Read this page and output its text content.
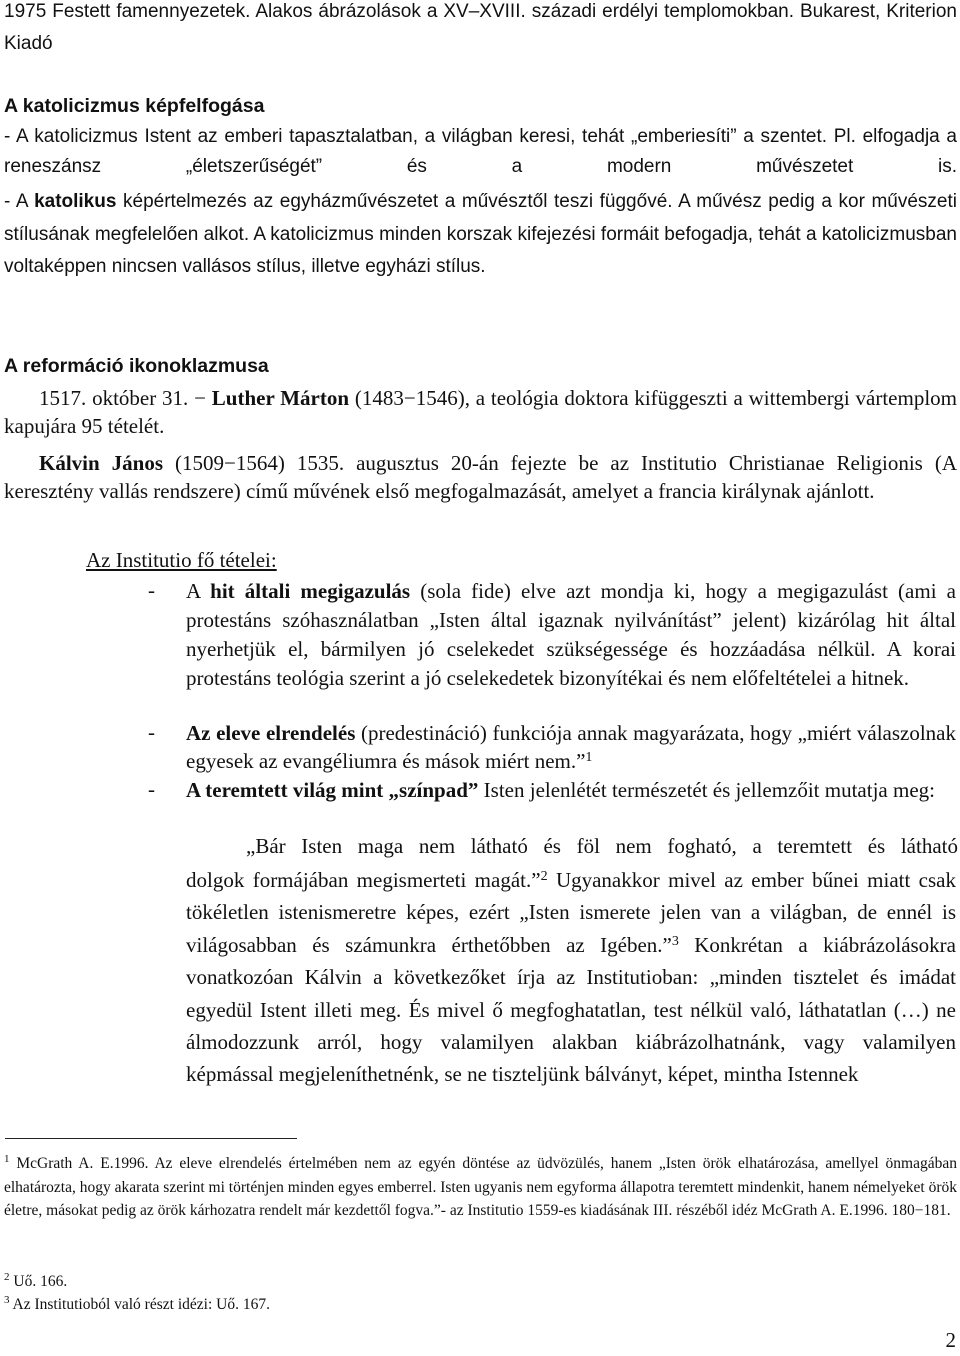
1975 Festett famennyezetek. Alakos ábrázolások a XV–XVIII. századi erdélyi templomokban. Bukarest, Kriterion Kiadó

A katolicizmus képfelfogása

- A katolicizmus Istent az emberi tapasztalatban, a világban keresi, tehát „emberiesíti” a szentet. Pl. elfogadja a reneszánsz „életszerűségét” és a modern művészetet is.

- A katolikus képértelmezés az egyházművészetet a művésztől teszi függővé. A művész pedig a kor művészeti stílusának megfelelően alkot. A katolicizmus minden korszak kifejezési formáit befogadja, tehát a katolicizmusban voltaképpen nincsen vallásos stílus, illetve egyházi stílus.

A reformáció ikonoklazmusa

1517. október 31. − Luther Márton (1483−1546), a teológia doktora kifüggeszti a wittembergi vártemplom kapujára 95 tételét.

Kálvin János (1509−1564) 1535. augusztus 20-án fejezte be az Institutio Christianae Religionis (A keresztény vallás rendszere) című művének első megfogalmazását, amelyet a francia királynak ajánlott.

Az Institutio fő tételei:

- A hit általi megigazulás (sola fide) elve azt mondja ki, hogy a megigazulást (ami a protestáns szóhasználatban „Isten által igaznak nyilvánítást” jelent) kizárólag hit által nyerhetjük el, bármilyen jó cselekedet szükségessége és hozzáadása nélkül. A korai protestáns teológia szerint a jó cselekedetek bizonyítékai és nem előfeltételei a hitnek.

- Az eleve elrendelés (predestináció) funkciója annak magyarázata, hogy „miért válaszolnak egyesek az evangéliumra és mások miért nem.”$^1$

- A teremtett világ mint „színpad” Isten jelenlétét természetét és jellemzőit mutatja meg:

„Bár Isten maga nem látható és föl nem fogható, a teremtett és látható

dolgok formájában megismerteti magát.”$^2$ Ugyanakkor mivel az ember bűnei miatt csak tökéletlen istenismeretre képes, ezért „Isten ismerete jelen van a világban, de ennél is világosabban és számunkra érthetőbben az Igében.”$^3$ Konkrétan a kiábrázolásokra vonatkozóan Kálvin a következőket írja az Institutioban: „minden tisztelet és imádat egyedül Istent illeti meg. És mivel ő megfoghatatlan, test nélkül való, láthatatlan (…) ne álmodozzunk arról, hogy valamilyen alakban kiábrázolhatnánk, vagy valamilyen képmással megjeleníthetnénk, se ne tiszteljünk bálványt, képet, mintha Istennek

$^1$ McGrath A. E.1996. Az eleve elrendelés értelmében nem az egyén döntése az üdvözülés, hanem „Isten örök elhatározása, amellyel önmagában elhatározta, hogy akarata szerint mi történjen minden egyes emberrel. Isten ugyanis nem egyforma állapotra teremtett mindenkit, hanem némelyeket örök életre, másokat pedig az örök kárhozatra rendelt már kezdettől fogva.”- az Institutio 1559-es kiadásának III. részéből idéz McGrath A. E.1996. 180−181.

$^2$ Uő. 166.

$^3$ Az Institutioból való részt idézi: Uő. 167.

2
